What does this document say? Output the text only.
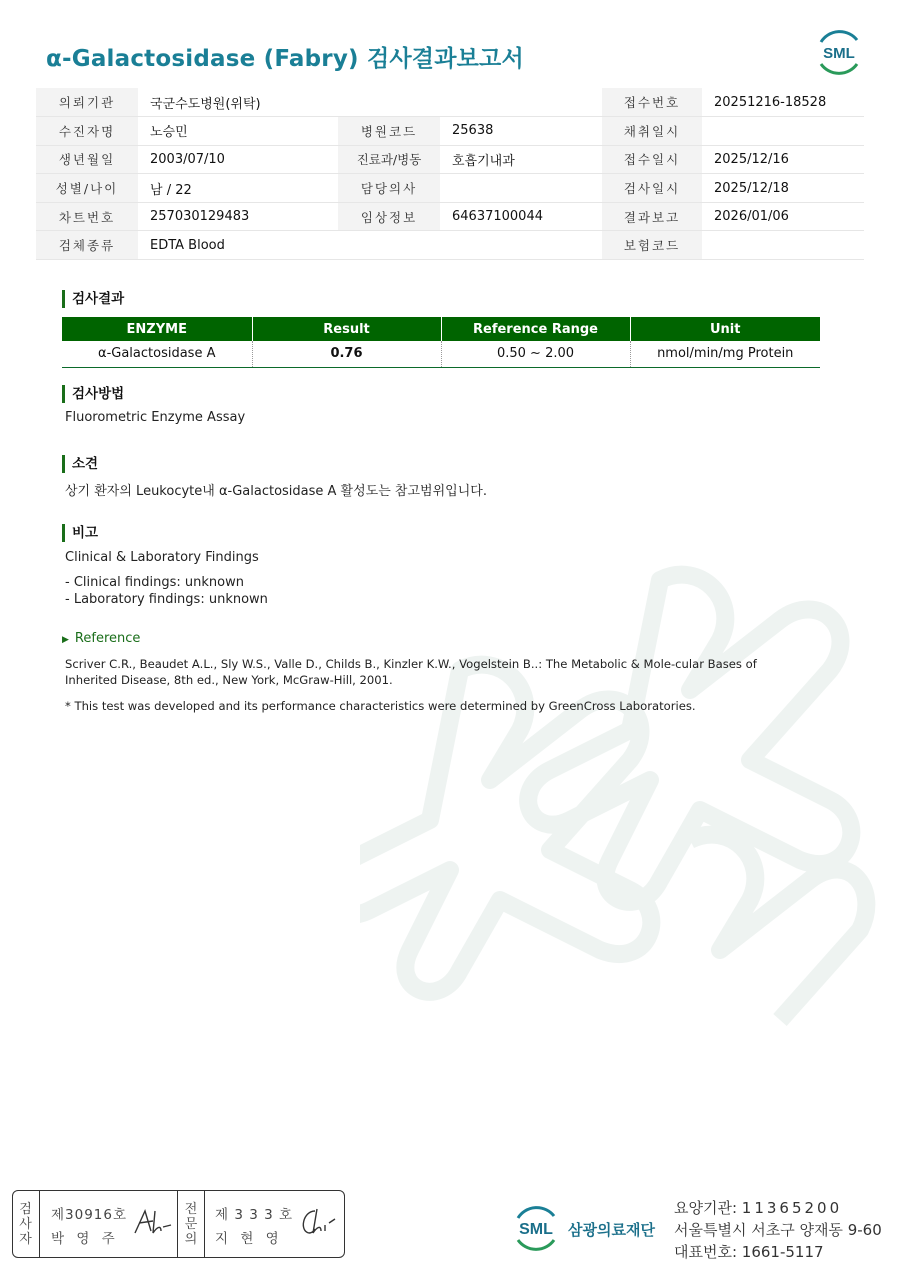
α-Galactosidase (Fabry) 검사결과보고서	SML
의뢰기관	국군수도병원(위탁)			접수번호	20251216-18528
수진자명	노승민	병원코드	25638	채취일시	
생년월일	2003/07/10	진료과/병동	호흡기내과	접수일시	2025/12/16
성별/나이	남 / 22	담당의사		검사일시	2025/12/18
차트번호	257030129483	임상정보	64637100044	결과보고	2026/01/06
검체종류	EDTA Blood			보험코드	
검사결과
ENZYME	Result	Reference Range	Unit
α-Galactosidase A	0.76	0.50 ~ 2.00	nmol/min/mg Protein
검사방법
Fluorometric Enzyme Assay
소견
상기 환자의 Leukocyte내 α-Galactosidase A 활성도는 참고범위입니다.
비고
Clinical & Laboratory Findings
- Clinical findings: unknown
- Laboratory findings: unknown
▶ Reference
Scriver C.R., Beaudet A.L., Sly W.S., Valle D., Childs B., Kinzler K.W., Vogelstein B..: The Metabolic & Mole-cular Bases of Inherited Disease, 8th ed., New York, McGraw-Hill, 2001.
* This test was developed and its performance characteristics were determined by GreenCross Laboratories.
검
사
자
제30916호
박 영 주
전
문
의
제 3 3 3 호
지 현 영
SML 삼광의료재단
요양기관: 11365200
서울특별시 서초구 양재동 9-60
대표번호: 1661-5117
